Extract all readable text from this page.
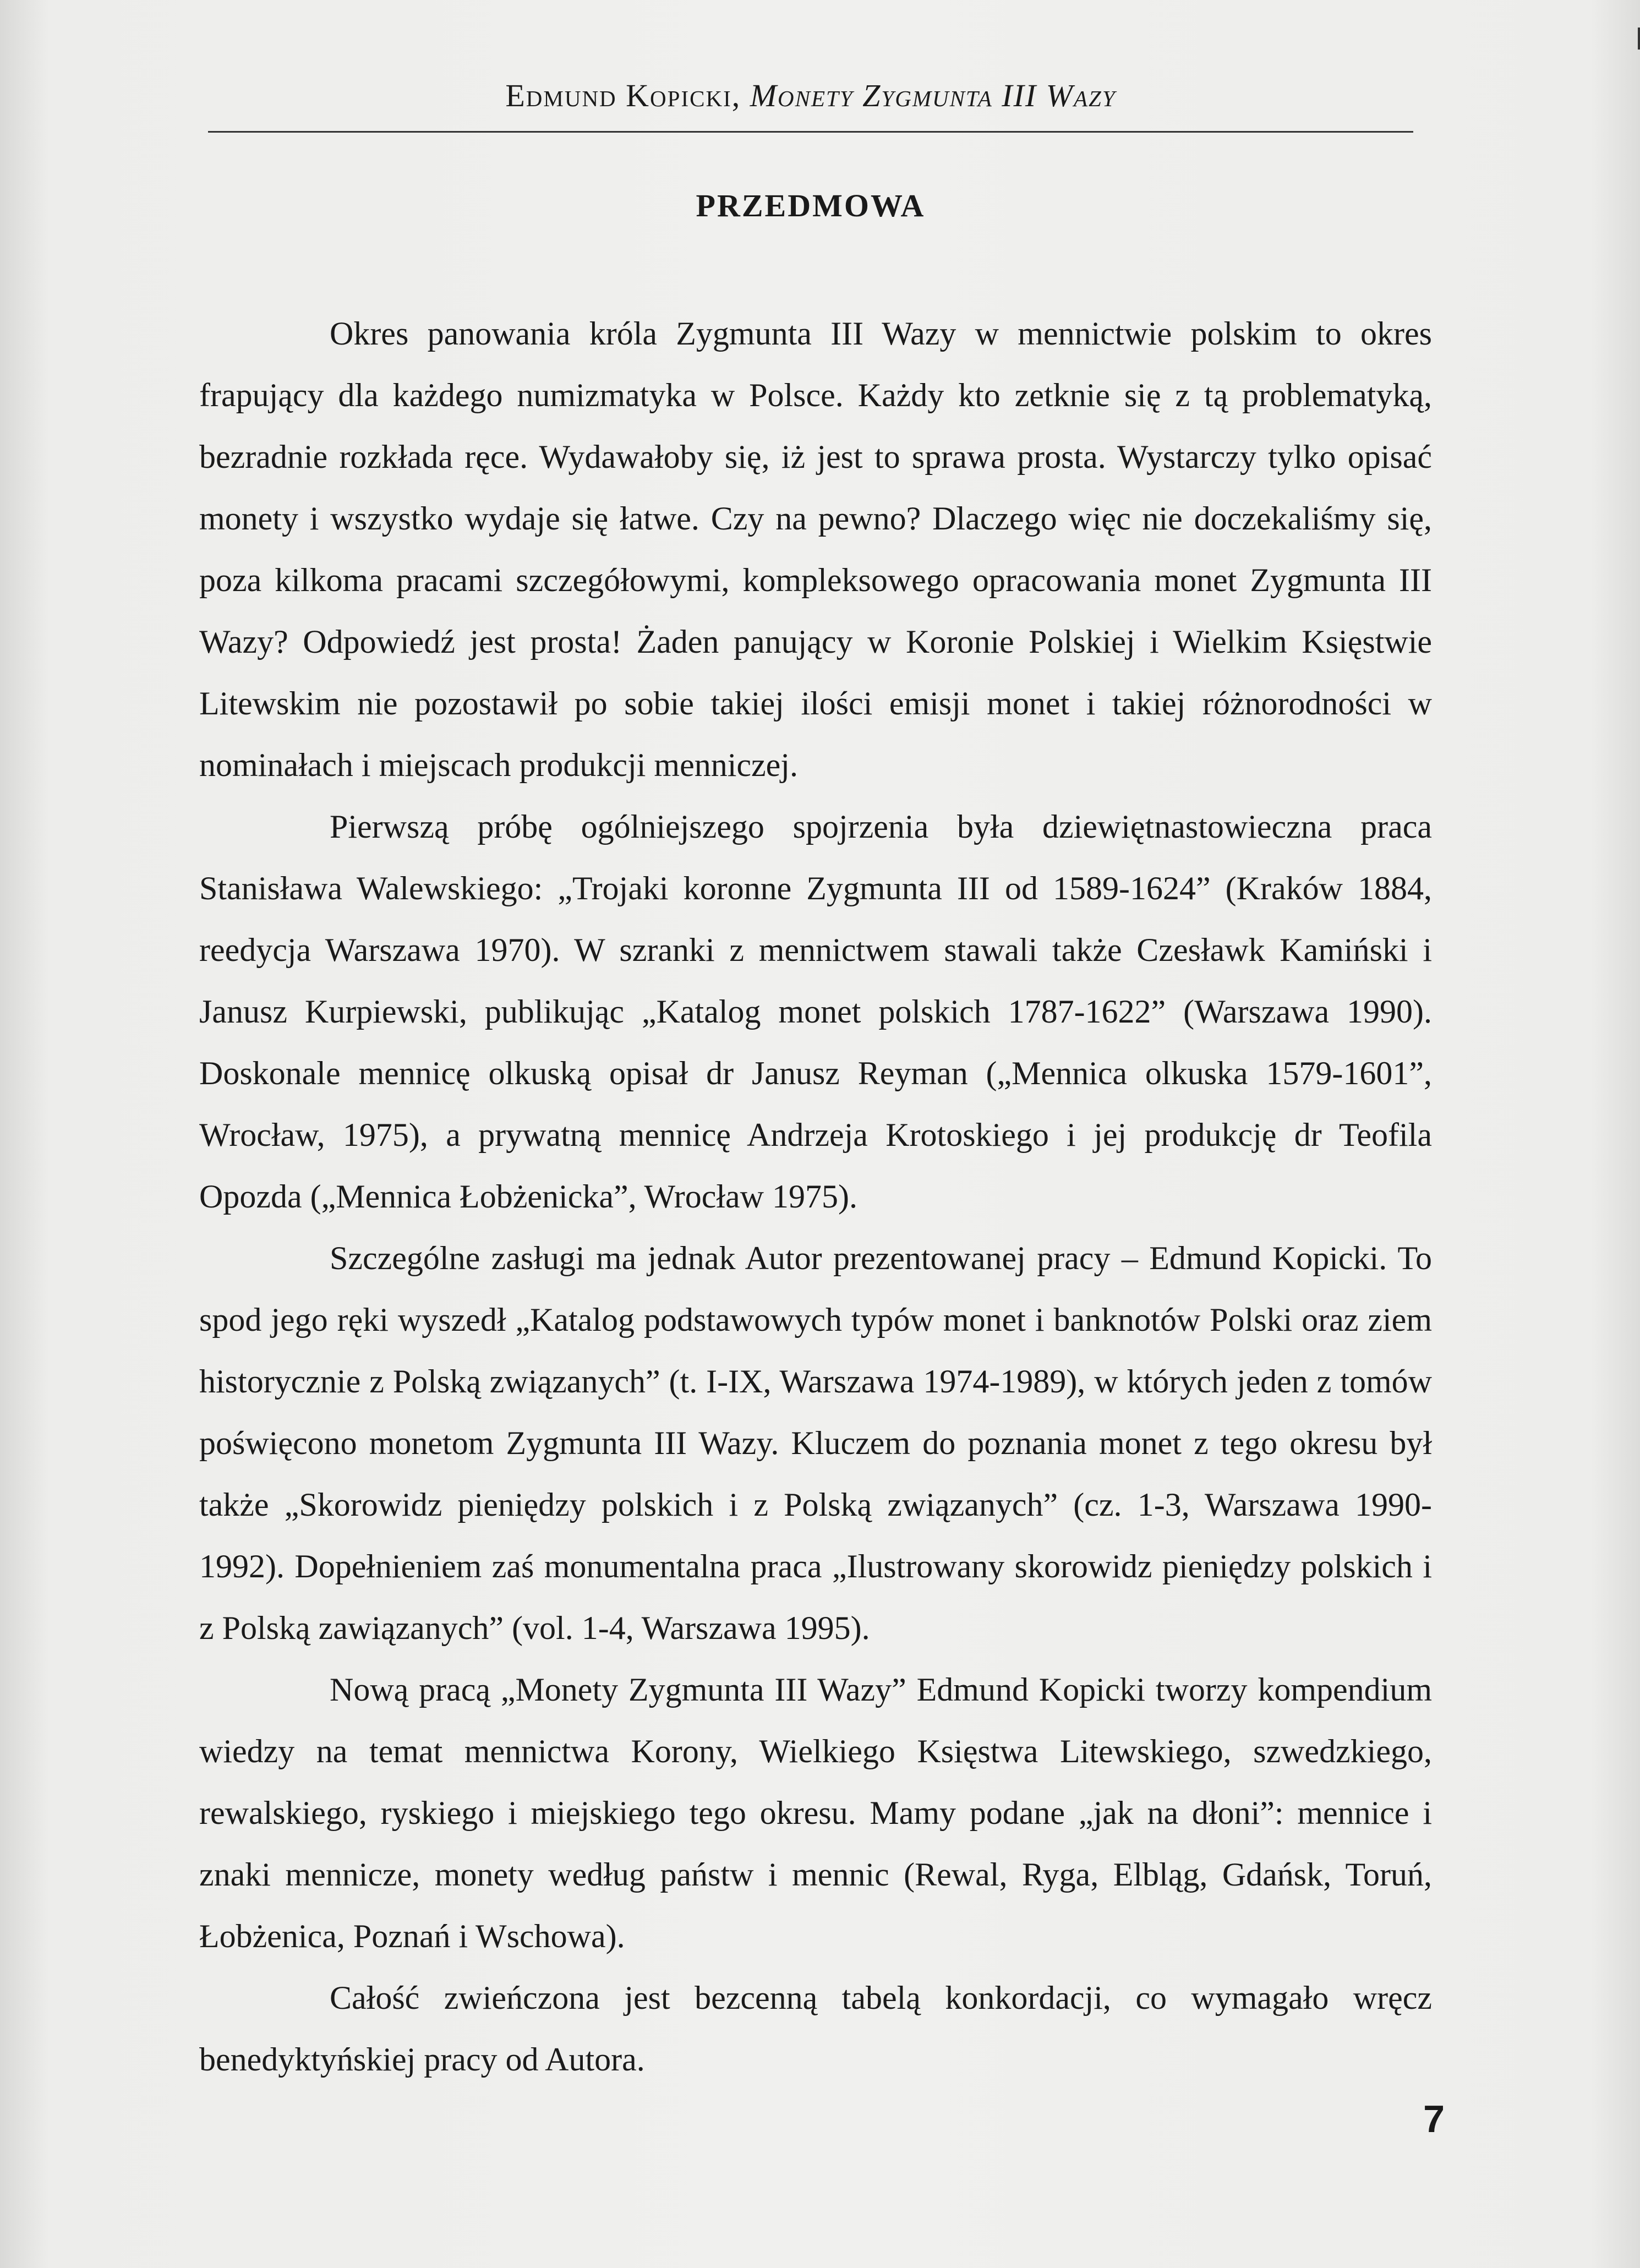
Edmund Kopicki, Monety Zygmunta III Wazy
PRZEDMOWA

Okres panowania króla Zygmunta III Wazy w mennictwie polskim to okres frapujący dla każdego numizmatyka w Polsce. Każdy kto zetknie się z tą problematyką, bezradnie rozkłada ręce. Wydawałoby się, iż jest to sprawa prosta. Wystarczy tylko opisać monety i wszystko wydaje się łatwe. Czy na pewno? Dlaczego więc nie doczekaliśmy się, poza kilkoma pracami szczegółowymi, kompleksowego opracowania monet Zygmunta III Wazy? Odpowiedź jest prosta! Żaden panujący w Koronie Polskiej i Wielkim Księstwie Litewskim nie pozostawił po sobie takiej ilości emisji monet i takiej różnorodności w nominałach i miejscach produkcji menniczej.

Pierwszą próbę ogólniejszego spojrzenia była dziewiętnastowieczna praca Stanisława Walewskiego: „Trojaki koronne Zygmunta III od 1589-1624” (Kraków 1884, reedycja Warszawa 1970). W szranki z mennictwem stawali także Czesławk Kamiński i Janusz Kurpiewski, publikując „Katalog monet polskich 1787-1622” (Warszawa 1990). Doskonale mennicę olkuską opisał dr Janusz Reyman („Mennica olkuska 1579-1601”, Wrocław, 1975), a prywatną mennicę Andrzeja Krotoskiego i jej produkcję dr Teofila Opozda („Mennica Łobżenicka”, Wrocław 1975).

Szczególne zasługi ma jednak Autor prezentowanej pracy – Edmund Kopicki. To spod jego ręki wyszedł „Katalog podstawowych typów monet i banknotów Polski oraz ziem historycznie z Polską związanych” (t. I-IX, Warszawa 1974-1989), w których jeden z tomów poświęcono monetom Zygmunta III Wazy. Kluczem do poznania monet z tego okresu był także „Skorowidz pieniędzy polskich i z Polską związanych” (cz. 1-3, Warszawa 1990-1992). Dopełnieniem zaś monumentalna praca „Ilustrowany skorowidz pieniędzy polskich i z Polską zawiązanych” (vol. 1-4, Warszawa 1995).

Nową pracą „Monety Zygmunta III Wazy” Edmund Kopicki tworzy kompendium wiedzy na temat mennictwa Korony, Wielkiego Księstwa Litewskiego, szwedzkiego, rewalskiego, ryskiego i miejskiego tego okresu. Mamy podane „jak na dłoni”: mennice i znaki mennicze, monety według państw i mennic (Rewal, Ryga, Elbląg, Gdańsk, Toruń, Łobżenica, Poznań i Wschowa).

Całość zwieńczona jest bezcenną tabelą konkordacji, co wymagało wręcz benedyktyńskiej pracy od Autora.

7
